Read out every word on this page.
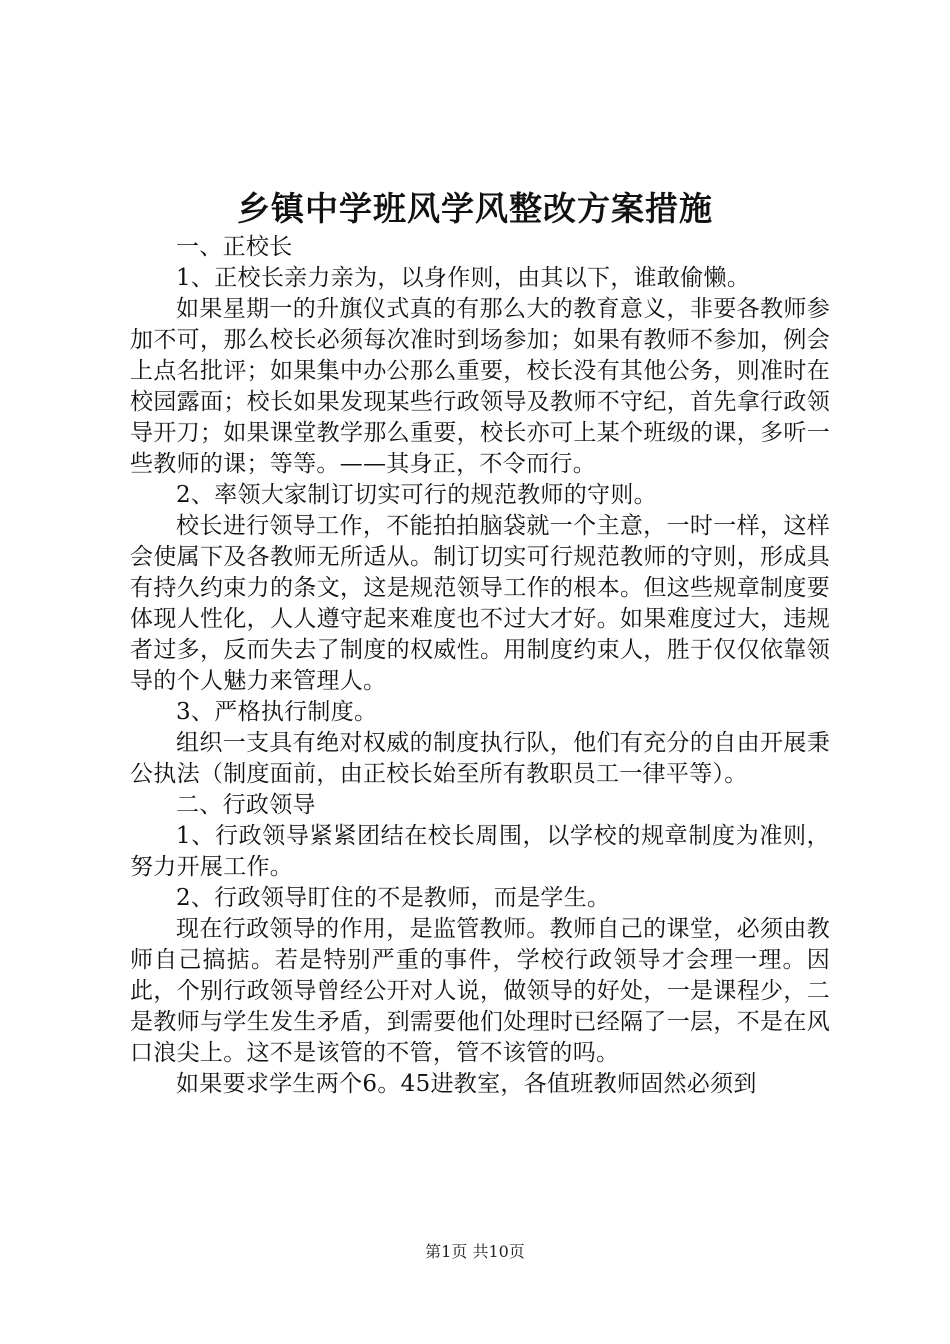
乡镇中学班风学风整改方案措施

一、正校长

1、正校长亲力亲为，以身作则，由其以下，谁敢偷懒。

如果星期一的升旗仪式真的有那么大的教育意义，非要各教师参加不可，那么校长必须每次准时到场参加；如果有教师不参加，例会上点名批评；如果集中办公那么重要，校长没有其他公务，则准时在校园露面；校长如果发现某些行政领导及教师不守纪，首先拿行政领导开刀；如果课堂教学那么重要，校长亦可上某个班级的课，多听一些教师的课；等等。——其身正，不令而行。

2、率领大家制订切实可行的规范教师的守则。

校长进行领导工作，不能拍拍脑袋就一个主意，一时一样，这样会使属下及各教师无所适从。制订切实可行规范教师的守则，形成具有持久约束力的条文，这是规范领导工作的根本。但这些规章制度要体现人性化，人人遵守起来难度也不过大才好。如果难度过大，违规者过多，反而失去了制度的权威性。用制度约束人，胜于仅仅依靠领导的个人魅力来管理人。

3、严格执行制度。

组织一支具有绝对权威的制度执行队，他们有充分的自由开展秉公执法（制度面前，由正校长始至所有教职员工一律平等）。

二、行政领导

1、行政领导紧紧团结在校长周围，以学校的规章制度为准则，努力开展工作。

2、行政领导盯住的不是教师，而是学生。

现在行政领导的作用，是监管教师。教师自己的课堂，必须由教师自己搞掂。若是特别严重的事件，学校行政领导才会理一理。因此，个别行政领导曾经公开对人说，做领导的好处，一是课程少，二是教师与学生发生矛盾，到需要他们处理时已经隔了一层，不是在风口浪尖上。这不是该管的不管，管不该管的吗。

如果要求学生两个6。45进教室，各值班教师固然必须到

第1页 共10页
